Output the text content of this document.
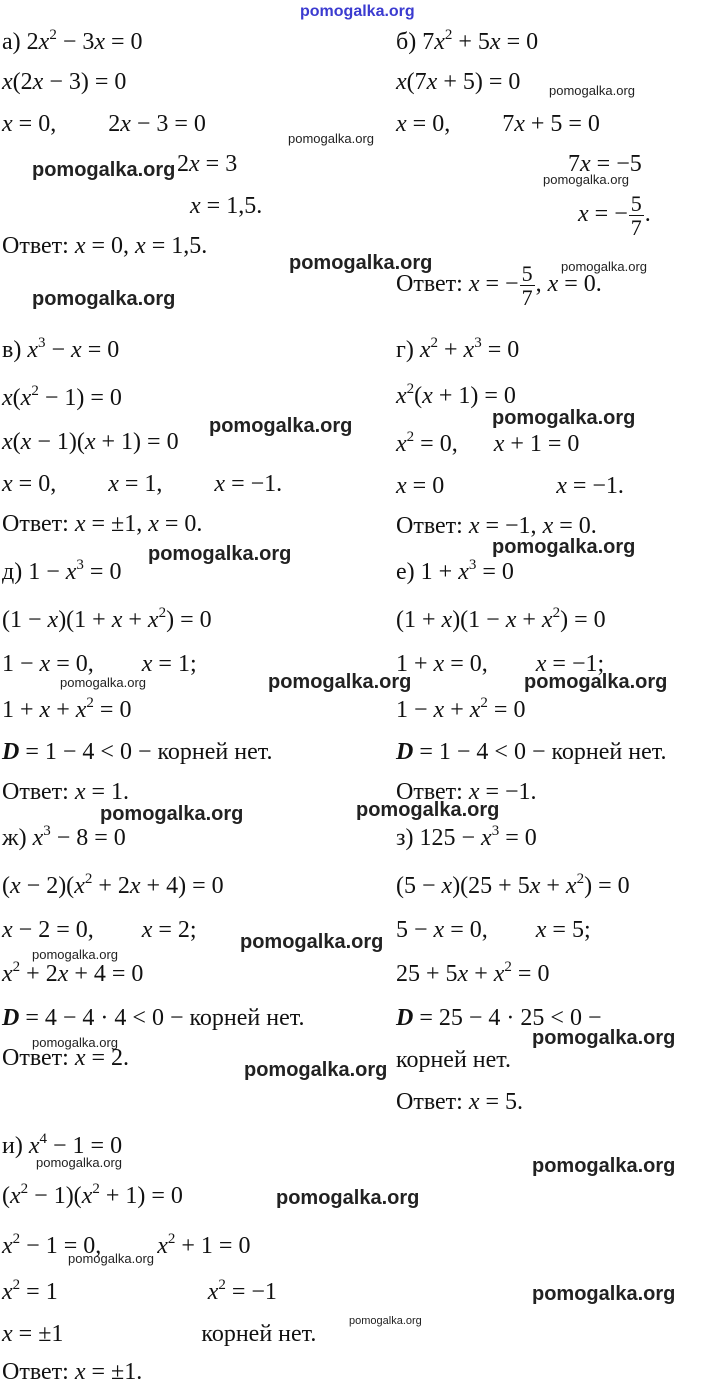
pomogalka.org
pomogalka.org
pomogalka.org
pomogalka.org
pomogalka.org
pomogalka.org	pomogalka.org
pomogalka.org
pomogalka.org	pomogalka.org
pomogalka.org	pomogalka.org
pomogalka.org	pomogalka.org	pomogalka.org
pomogalka.org	pomogalka.org
pomogalka.org
pomogalka.org
pomogalka.org	pomogalka.org
pomogalka.org
pomogalka.org	pomogalka.org
pomogalka.org
pomogalka.org
pomogalka.org
pomogalka.org
а) $2x^2 - 3x = 0$
x(2x − 3) = 0
x = 0, 2x − 3 = 0
2x = 3
x = 1,5.
Ответ: x = 0, x = 1,5.
б) $7x^2 + 5x = 0$
x(7x + 5) = 0
x = 0, 7x + 5 = 0
7x = −5
x = − $\frac{5}{7}$ .
Ответ: x = − $\frac{5}{7}$ , x = 0.
в) $x^3 - x = 0$
$x(x^2 - 1) = 0$
x(x − 1)(x + 1) = 0
x = 0, x = 1, x = −1.
Ответ: x = ±1, x = 0.
г) $x^2 + x^3 = 0$
$x^2(x + 1) = 0$
$x^2 = 0$, x + 1 = 0
x = 0	x = −1.
Ответ: x = −1, x = 0.
д) $1 - x^3 = 0$
$(1 - x)(1 + x + x^2) = 0$
1 − x = 0, x = 1;
$1 + x + x^2 = 0$
D = 1 − 4 < 0 − корней нет.
Ответ: x = 1.
е) $1 + x^3 = 0$
$(1 + x)(1 - x + x^2) = 0$
1 + x = 0, x = −1;
$1 - x + x^2 = 0$
D = 1 − 4 < 0 − корней нет.
Ответ: x = −1.
ж) $x^3 - 8 = 0$
$(x - 2)(x^2 + 2x + 4) = 0$
x − 2 = 0, x = 2;
$x^2 + 2x + 4 = 0$
D = 4 − 4 · 4 < 0 − корней нет.
Ответ: x = 2.
з) $125 - x^3 = 0$
$(5 - x)(25 + 5x + x^2) = 0$
5 − x = 0, x = 5;
$25 + 5x + x^2 = 0$
D = 25 − 4 · 25 < 0 −
корней нет.
Ответ: x = 5.
и) $x^4 - 1 = 0$
$(x^2 - 1)(x^2 + 1) = 0$
$x^2 - 1 = 0$, $x^2 + 1 = 0$
$x^2 = 1$	$x^2 = -1$
x = ±1	корней нет.
Ответ: x = ±1.
